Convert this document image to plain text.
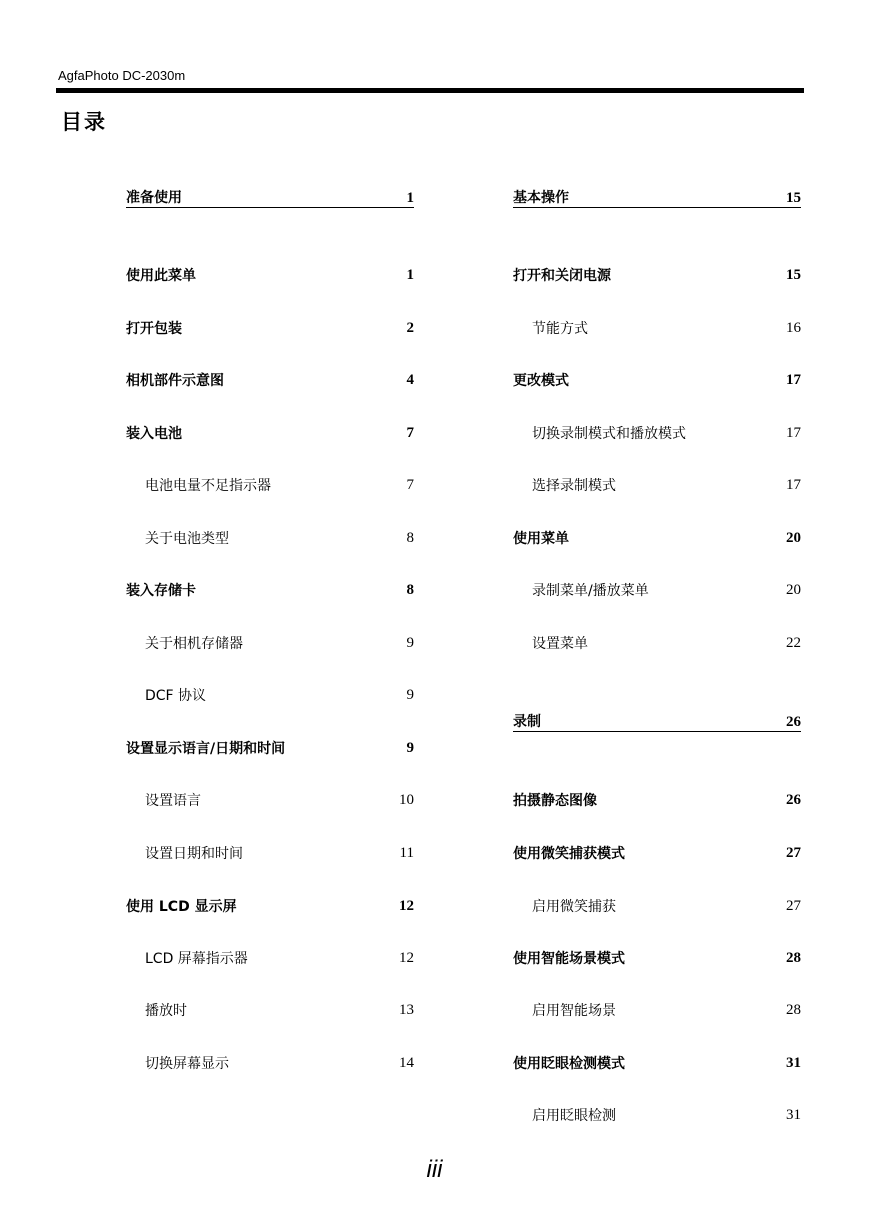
AgfaPhoto DC-2030m
目录
准备使用	1
使用此菜单	1
打开包装	2
相机部件示意图	4
装入电池	7
电池电量不足指示器	7
关于电池类型	8
装入存储卡	8
关于相机存储器	9
DCF 协议	9
设置显示语言/日期和时间	9
设置语言	10
设置日期和时间	11
使用 LCD 显示屏	12
LCD 屏幕指示器	12
播放时	13
切换屏幕显示	14
基本操作	15
打开和关闭电源	15
节能方式	16
更改模式	17
切换录制模式和播放模式	17
选择录制模式	17
使用菜单	20
录制菜单/播放菜单	20
设置菜单	22
录制	26
拍摄静态图像	26
使用微笑捕获模式	27
启用微笑捕获	27
使用智能场景模式	28
启用智能场景	28
使用眨眼检测模式	31
启用眨眼检测	31
iii
